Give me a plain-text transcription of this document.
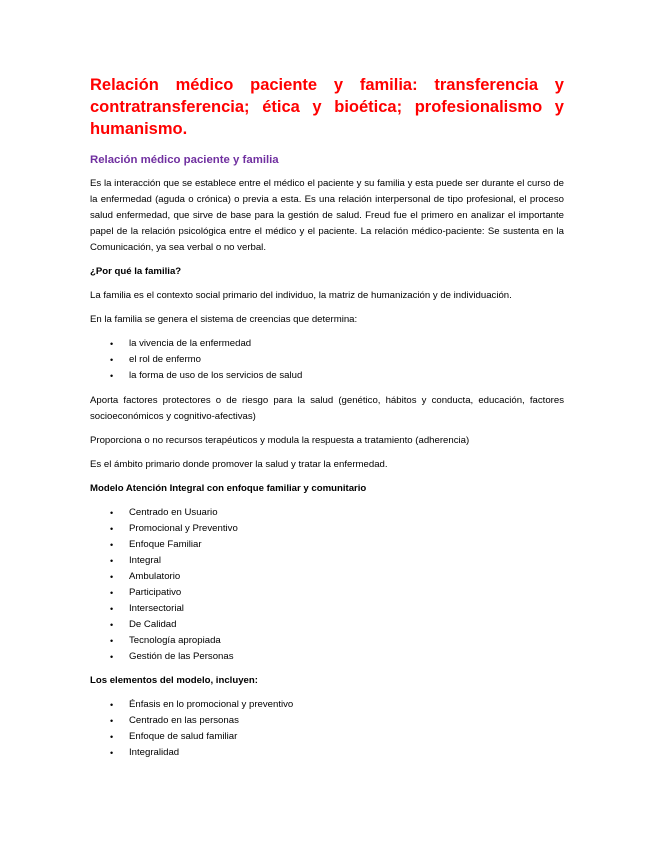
Relación médico paciente y familia: transferencia y contratransferencia; ética y bioética; profesionalismo y humanismo.
Relación médico paciente y familia

Es la interacción que se establece entre el médico el paciente y su familia y esta puede ser durante el curso de la enfermedad (aguda o crónica) o previa a esta. Es una relación interpersonal de tipo profesional, el proceso salud enfermedad, que sirve de base para la gestión de salud. Freud fue el primero en analizar el importante papel de la relación psicológica entre el médico y el paciente. La relación médico-paciente: Se sustenta en la Comunicación, ya sea verbal o no verbal.

¿Por qué la familia?

La familia es el contexto social primario del individuo, la matriz de humanización y de individuación.

En la familia se genera el sistema de creencias que determina:

• la vivencia de la enfermedad
• el rol de enfermo
• la forma de uso de los servicios de salud

Aporta factores protectores o de riesgo para la salud (genético, hábitos y conducta, educación, factores socioeconómicos y cognitivo-afectivas)

Proporciona o no recursos terapéuticos y modula la respuesta a tratamiento (adherencia)

Es el ámbito primario donde promover la salud y tratar la enfermedad.

Modelo Atención Integral con enfoque familiar y comunitario

• Centrado en Usuario
• Promocional y Preventivo
• Enfoque Familiar
• Integral
• Ambulatorio
• Participativo
• Intersectorial
• De Calidad
• Tecnología apropiada
• Gestión de las Personas

Los elementos del modelo, incluyen:

• Énfasis en lo promocional y preventivo
• Centrado en las personas
• Enfoque de salud familiar
• Integralidad
